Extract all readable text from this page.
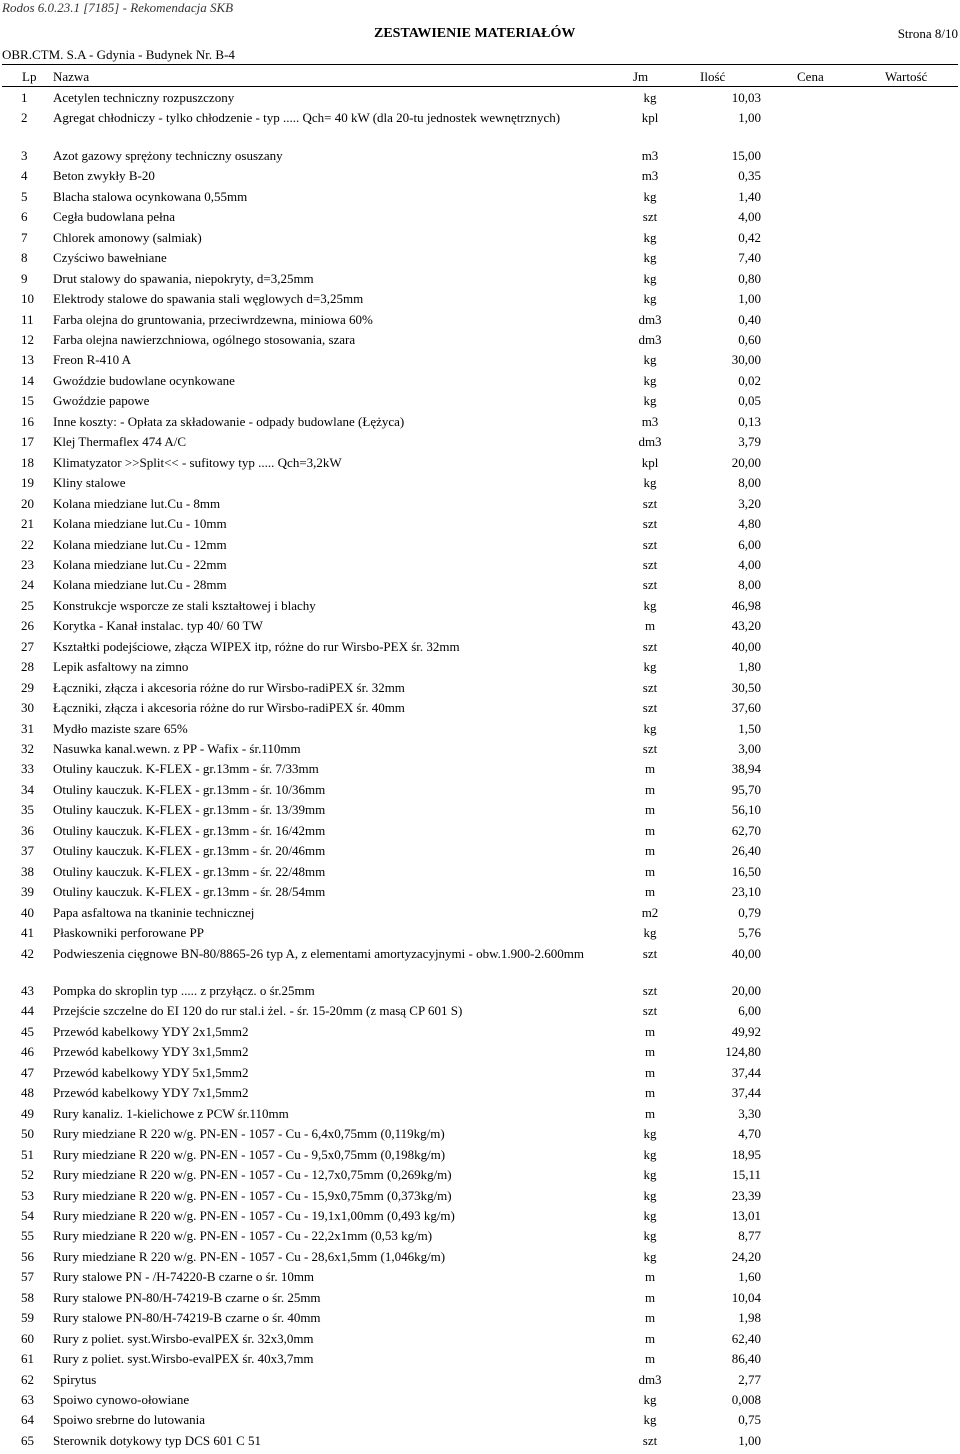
Rodos 6.0.23.1 [7185] - Rekomendacja SKB
ZESTAWIENIE MATERIAŁÓW	Strona 8/10
OBR.CTM. S.A - Gdynia - Budynek Nr. B-4
Lp Nazwa	Jm	Ilość	Cena	Wartość
1 Acetylen techniczny rozpuszczony	kg	10,03
2 Agregat chłodniczy - tylko chłodzenie - typ ..... Qch= 40 kW (dla 20-tu jednostek wewnętrznych)	kpl	1,00
3 Azot gazowy sprężony techniczny osuszany	m3	15,00
4 Beton zwykły B-20	m3	0,35
5 Blacha stalowa ocynkowana 0,55mm	kg	1,40
6 Cegła budowlana pełna	szt	4,00
7 Chlorek amonowy (salmiak)	kg	0,42
8 Czyściwo bawełniane	kg	7,40
9 Drut stalowy do spawania, niepokryty, d=3,25mm	kg	0,80
10 Elektrody stalowe do spawania stali węglowych d=3,25mm	kg	1,00
11 Farba olejna do gruntowania, przeciwrdzewna, miniowa 60%	dm3	0,40
12 Farba olejna nawierzchniowa, ogólnego stosowania, szara	dm3	0,60
13 Freon R-410 A	kg	30,00
14 Gwoździe budowlane ocynkowane	kg	0,02
15 Gwoździe papowe	kg	0,05
16 Inne koszty: - Opłata za składowanie - odpady budowlane (Łężyca)	m3	0,13
17 Klej Thermaflex 474 A/C	dm3	3,79
18 Klimatyzator >>Split<< - sufitowy typ ..... Qch=3,2kW	kpl	20,00
19 Kliny stalowe	kg	8,00
20 Kolana miedziane lut.Cu - 8mm	szt	3,20
21 Kolana miedziane lut.Cu - 10mm	szt	4,80
22 Kolana miedziane lut.Cu - 12mm	szt	6,00
23 Kolana miedziane lut.Cu - 22mm	szt	4,00
24 Kolana miedziane lut.Cu - 28mm	szt	8,00
25 Konstrukcje wsporcze ze stali kształtowej i blachy	kg	46,98
26 Korytka - Kanał instalac. typ 40/ 60 TW	m	43,20
27 Kształtki podejściowe, złącza WIPEX itp, różne do rur Wirsbo-PEX śr. 32mm	szt	40,00
28 Lepik asfaltowy na zimno	kg	1,80
29 Łączniki, złącza i akcesoria różne do rur Wirsbo-radiPEX śr. 32mm	szt	30,50
30 Łączniki, złącza i akcesoria różne do rur Wirsbo-radiPEX śr. 40mm	szt	37,60
31 Mydło maziste szare 65%	kg	1,50
32 Nasuwka kanal.wewn. z PP - Wafix - śr.110mm	szt	3,00
33 Otuliny kauczuk. K-FLEX - gr.13mm - śr. 7/33mm	m	38,94
34 Otuliny kauczuk. K-FLEX - gr.13mm - śr. 10/36mm	m	95,70
35 Otuliny kauczuk. K-FLEX - gr.13mm - śr. 13/39mm	m	56,10
36 Otuliny kauczuk. K-FLEX - gr.13mm - śr. 16/42mm	m	62,70
37 Otuliny kauczuk. K-FLEX - gr.13mm - śr. 20/46mm	m	26,40
38 Otuliny kauczuk. K-FLEX - gr.13mm - śr. 22/48mm	m	16,50
39 Otuliny kauczuk. K-FLEX - gr.13mm - śr. 28/54mm	m	23,10
40 Papa asfaltowa na tkaninie technicznej	m2	0,79
41 Płaskowniki perforowane PP	kg	5,76
42 Podwieszenia cięgnowe BN-80/8865-26 typ A, z elementami amortyzacyjnymi - obw.1.900-2.600mm	szt	40,00
43 Pompka do skroplin typ ..... z przyłącz. o śr.25mm	szt	20,00
44 Przejście szczelne do EI 120 do rur stal.i żel. - śr. 15-20mm (z masą CP 601 S)	szt	6,00
45 Przewód kabelkowy YDY 2x1,5mm2	m	49,92
46 Przewód kabelkowy YDY 3x1,5mm2	m	124,80
47 Przewód kabelkowy YDY 5x1,5mm2	m	37,44
48 Przewód kabelkowy YDY 7x1,5mm2	m	37,44
49 Rury kanaliz. 1-kielichowe z PCW śr.110mm	m	3,30
50 Rury miedziane R 220 w/g. PN-EN - 1057 - Cu - 6,4x0,75mm (0,119kg/m)	kg	4,70
51 Rury miedziane R 220 w/g. PN-EN - 1057 - Cu - 9,5x0,75mm (0,198kg/m)	kg	18,95
52 Rury miedziane R 220 w/g. PN-EN - 1057 - Cu - 12,7x0,75mm (0,269kg/m)	kg	15,11
53 Rury miedziane R 220 w/g. PN-EN - 1057 - Cu - 15,9x0,75mm (0,373kg/m)	kg	23,39
54 Rury miedziane R 220 w/g. PN-EN - 1057 - Cu - 19,1x1,00mm (0,493 kg/m)	kg	13,01
55 Rury miedziane R 220 w/g. PN-EN - 1057 - Cu - 22,2x1mm (0,53 kg/m)	kg	8,77
56 Rury miedziane R 220 w/g. PN-EN - 1057 - Cu - 28,6x1,5mm (1,046kg/m)	kg	24,20
57 Rury stalowe PN - /H-74220-B czarne o śr. 10mm	m	1,60
58 Rury stalowe PN-80/H-74219-B czarne o śr. 25mm	m	10,04
59 Rury stalowe PN-80/H-74219-B czarne o śr. 40mm	m	1,98
60 Rury z poliet. syst.Wirsbo-evalPEX śr. 32x3,0mm	m	62,40
61 Rury z poliet. syst.Wirsbo-evalPEX śr. 40x3,7mm	m	86,40
62 Spirytus	dm3	2,77
63 Spoiwo cynowo-ołowiane	kg	0,008
64 Spoiwo srebrne do lutowania	kg	0,75
65 Sterownik dotykowy typ DCS 601 C 51	szt	1,00
